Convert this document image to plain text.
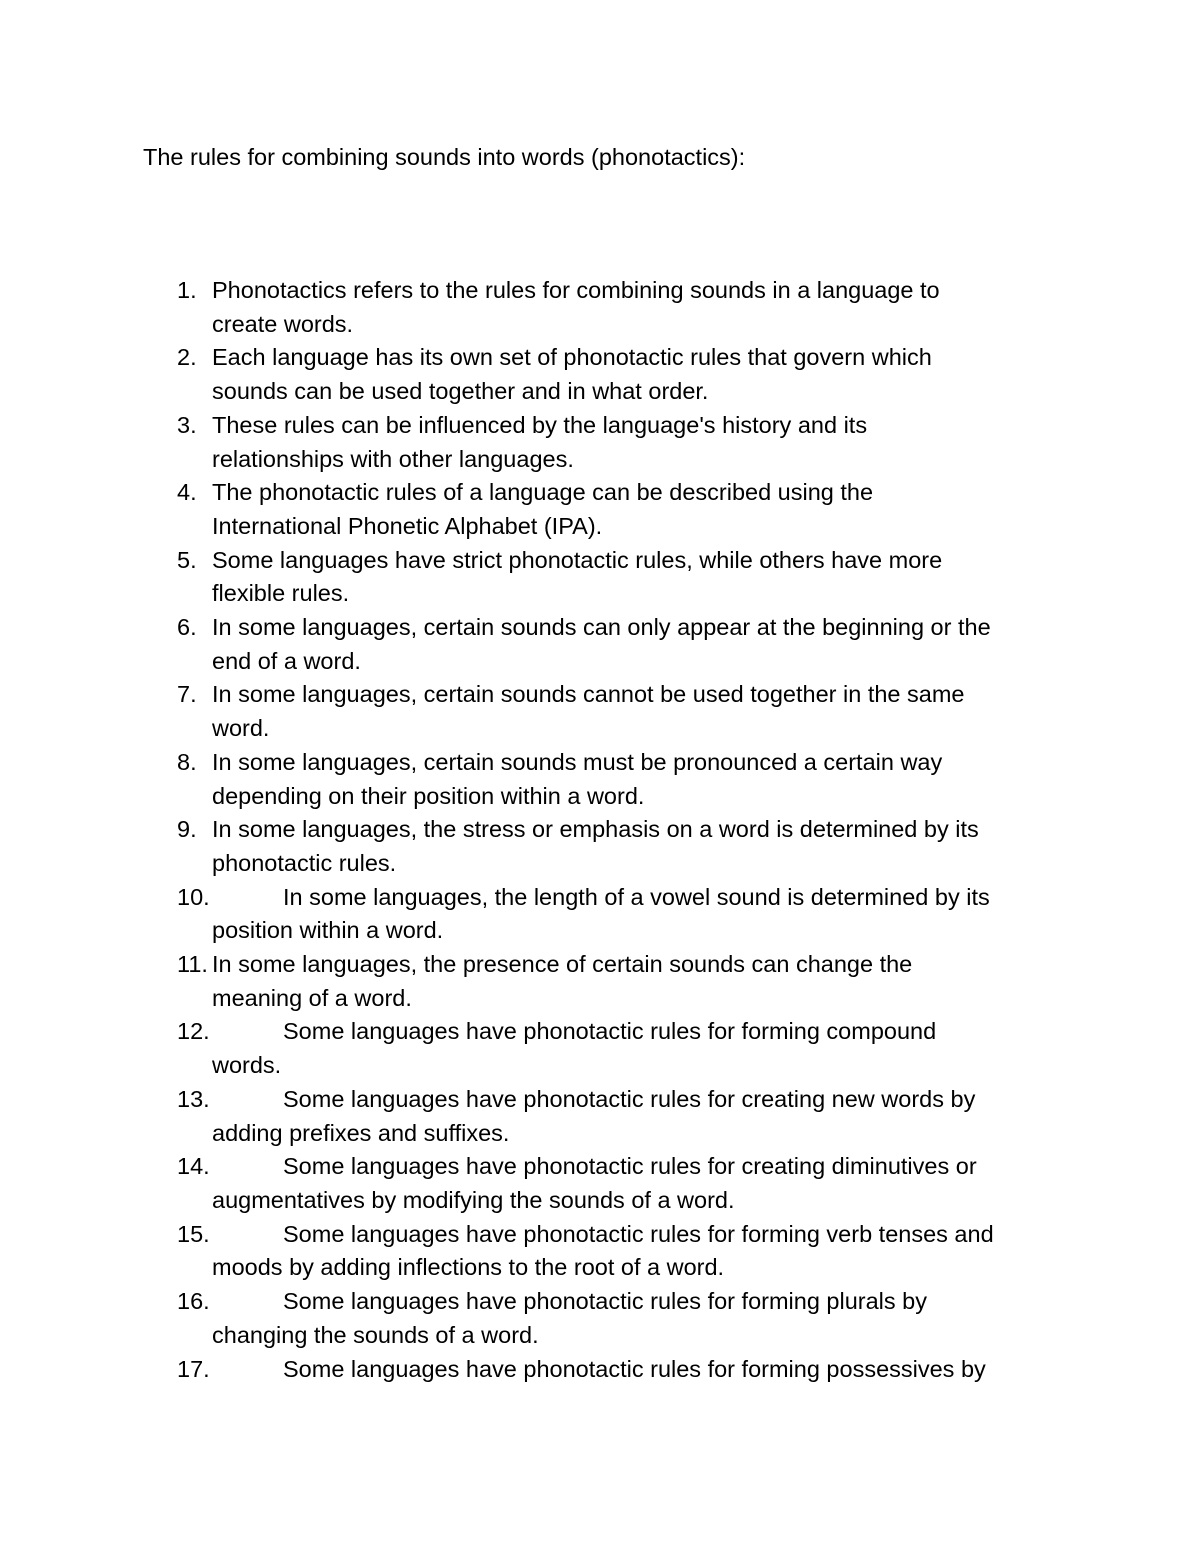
The rules for combining sounds into words (phonotactics):
1. Phonotactics refers to the rules for combining sounds in a language to
create words.
2. Each language has its own set of phonotactic rules that govern which
sounds can be used together and in what order.
3. These rules can be influenced by the language's history and its
relationships with other languages.
4. The phonotactic rules of a language can be described using the
International Phonetic Alphabet (IPA).
5. Some languages have strict phonotactic rules, while others have more
flexible rules.
6. In some languages, certain sounds can only appear at the beginning or the
end of a word.
7. In some languages, certain sounds cannot be used together in the same
word.
8. In some languages, certain sounds must be pronounced a certain way
depending on their position within a word.
9. In some languages, the stress or emphasis on a word is determined by its
phonotactic rules.
10.	In some languages, the length of a vowel sound is determined by its
position within a word.
11. In some languages, the presence of certain sounds can change the
meaning of a word.
12.	Some languages have phonotactic rules for forming compound
words.
13.	Some languages have phonotactic rules for creating new words by
adding prefixes and suffixes.
14.	Some languages have phonotactic rules for creating diminutives or
augmentatives by modifying the sounds of a word.
15.	Some languages have phonotactic rules for forming verb tenses and
moods by adding inflections to the root of a word.
16.	Some languages have phonotactic rules for forming plurals by
changing the sounds of a word.
17.	Some languages have phonotactic rules for forming possessives by
